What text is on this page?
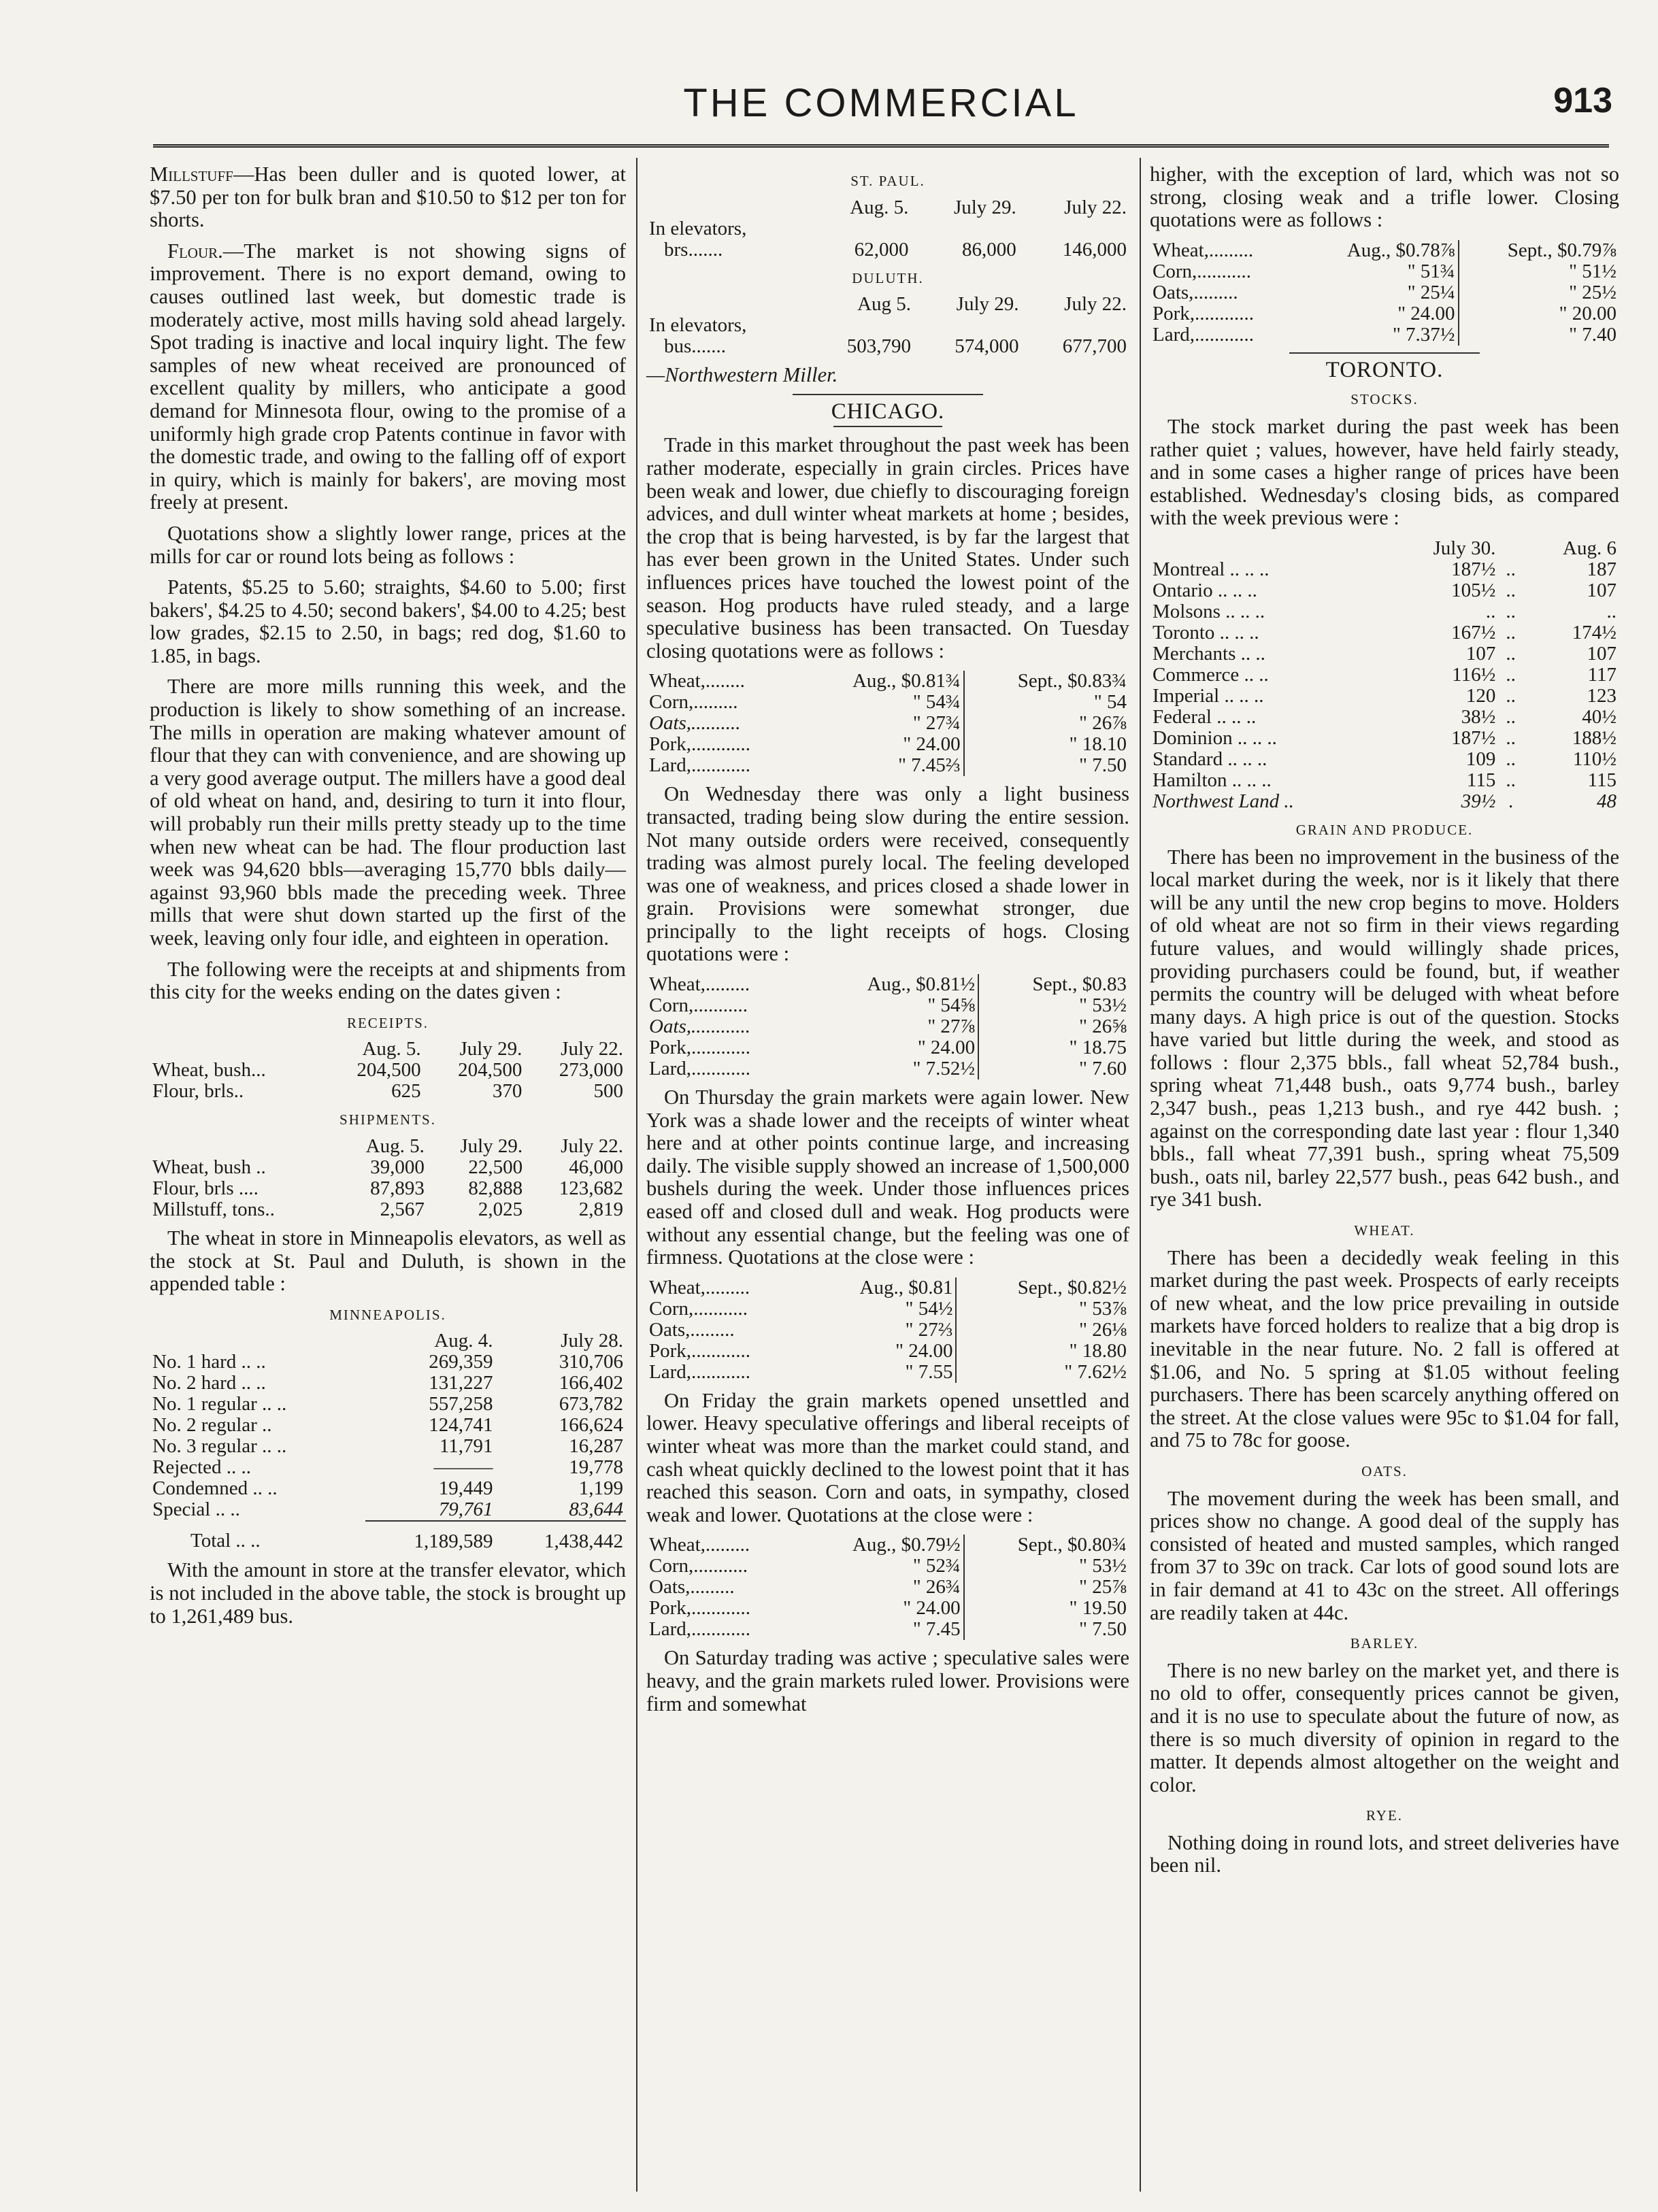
THE COMMERCIAL	913

Millstuff—Has been duller and is quoted lower, at $7.50 per ton for bulk bran and $10.50 to $12 per ton for shorts.

Flour.—The market is not showing signs of improvement. There is no export demand, owing to causes outlined last week, but domestic trade is moderately active, most mills having sold ahead largely. Spot trading is inactive and local inquiry light. The few samples of new wheat received are pronounced of excellent quality by millers, who anticipate a good demand for Minnesota flour, owing to the promise of a uniformly high grade crop Patents continue in favor with the domestic trade, and owing to the falling off of export in quiry, which is mainly for bakers', are moving most freely at present.

Quotations show a slightly lower range, prices at the mills for car or round lots being as follows :

Patents, $5.25 to 5.60; straights, $4.60 to 5.00; first bakers', $4.25 to 4.50; second bakers', $4.00 to 4.25; best low grades, $2.15 to 2.50, in bags; red dog, $1.60 to 1.85, in bags.

There are more mills running this week, and the production is likely to show something of an increase. The mills in operation are making whatever amount of flour that they can with convenience, and are showing up a very good average output. The millers have a good deal of old wheat on hand, and, desiring to turn it into flour, will probably run their mills pretty steady up to the time when new wheat can be had. The flour production last week was 94,620 bbls—averaging 15,770 bbls daily—against 93,960 bbls made the preceding week. Three mills that were shut down started up the first of the week, leaving only four idle, and eighteen in operation.

The following were the receipts at and shipments from this city for the weeks ending on the dates given :

RECEIPTS.
	Aug. 5.	July 29.	July 22.
Wheat, bush...	204,500	204,500	273,000
Flour, brls..	625	370	500
SHIPMENTS.
	Aug. 5.	July 29.	July 22.
Wheat, bush ..	39,000	22,500	46,000
Flour, brls ....	87,893	82,888	123,682
Millstuff, tons..	2,567	2,025	2,819

The wheat in store in Minneapolis elevators, as well as the stock at St. Paul and Duluth, is shown in the appended table :

MINNEAPOLIS.
	Aug. 4.	July 28.
No. 1 hard .. ..	269,359	310,706
No. 2 hard .. ..	131,227	166,402
No. 1 regular .. ..	557,258	673,782
No. 2 regular ..	124,741	166,624
No. 3 regular .. ..	11,791	16,287
Rejected .. ..	———	19,778
Condemned .. ..	19,449	1,199
Special .. ..	79,761	83,644
Total .. ..	1,189,589	1,438,442

With the amount in store at the transfer elevator, which is not included in the above table, the stock is brought up to 1,261,489 bus.

ST. PAUL.
	Aug. 5.	July 29.	July 22.
In elevators,			
brs.......	62,000	86,000	146,000
DULUTH.
	Aug 5.	July 29.	July 22.
In elevators,			
bus.......	503,790	574,000	677,700
—Northwestern Miller.
CHICAGO.

Trade in this market throughout the past week has been rather moderate, especially in grain circles. Prices have been weak and lower, due chiefly to discouraging foreign advices, and dull winter wheat markets at home ; besides, the crop that is being harvested, is by far the largest that has ever been grown in the United States. Under such influences prices have touched the lowest point of the season. Hog products have ruled steady, and a large speculative business has been transacted. On Tuesday closing quotations were as follows :

Wheat,........	Aug., $0.81¾	Sept., $0.83¾
Corn,.........	" 54¾	" 54
Oats,..........	" 27¾	" 26⅞
Pork,............	" 24.00	" 18.10
Lard,............	" 7.45⅔	" 7.50

On Wednesday there was only a light business transacted, trading being slow during the entire session. Not many outside orders were received, consequently trading was almost purely local. The feeling developed was one of weakness, and prices closed a shade lower in grain. Provisions were somewhat stronger, due principally to the light receipts of hogs. Closing quotations were :

Wheat,.........	Aug., $0.81½	Sept., $0.83
Corn,...........	" 54⅝	" 53½
Oats,............	" 27⅞	" 26⅝
Pork,............	" 24.00	" 18.75
Lard,............	" 7.52½	" 7.60

On Thursday the grain markets were again lower. New York was a shade lower and the receipts of winter wheat here and at other points continue large, and increasing daily. The visible supply showed an increase of 1,500,000 bushels during the week. Under those influences prices eased off and closed dull and weak. Hog products were without any essential change, but the feeling was one of firmness. Quotations at the close were :

Wheat,.........	Aug., $0.81	Sept., $0.82½
Corn,...........	" 54½	" 53⅞
Oats,.........	" 27⅔	" 26⅛
Pork,............	" 24.00	" 18.80
Lard,............	" 7.55	" 7.62½

On Friday the grain markets opened unsettled and lower. Heavy speculative offerings and liberal receipts of winter wheat was more than the market could stand, and cash wheat quickly declined to the lowest point that it has reached this season. Corn and oats, in sympathy, closed weak and lower. Quotations at the close were :

Wheat,.........	Aug., $0.79½	Sept., $0.80¾
Corn,...........	" 52¾	" 53½
Oats,.........	" 26¾	" 25⅞
Pork,............	" 24.00	" 19.50
Lard,............	" 7.45	" 7.50

On Saturday trading was active ; speculative sales were heavy, and the grain markets ruled lower. Provisions were firm and somewhat

higher, with the exception of lard, which was not so strong, closing weak and a trifle lower. Closing quotations were as follows :

Wheat,.........	Aug., $0.78⅞	Sept., $0.79⅞
Corn,...........	" 51¾	" 51½
Oats,.........	" 25¼	" 25½
Pork,............	" 24.00	" 20.00
Lard,............	" 7.37½	" 7.40
TORONTO.
STOCKS.

The stock market during the past week has been rather quiet ; values, however, have held fairly steady, and in some cases a higher range of prices have been established. Wednesday's closing bids, as compared with the week previous were :

	July 30.		Aug. 6
Montreal .. .. ..	187½	..	187
Ontario .. .. ..	105½	..	107
Molsons .. .. ..	..	..	..
Toronto .. .. ..	167½	..	174½
Merchants .. ..	107	..	107
Commerce .. ..	116½	..	117
Imperial .. .. ..	120	..	123
Federal .. .. ..	38½	..	40½
Dominion .. .. ..	187½	..	188½
Standard .. .. ..	109	..	110½
Hamilton .. .. ..	115	..	115
Northwest Land ..	39½	.	48
GRAIN AND PRODUCE.

There has been no improvement in the business of the local market during the week, nor is it likely that there will be any until the new crop begins to move. Holders of old wheat are not so firm in their views regarding future values, and would willingly shade prices, providing purchasers could be found, but, if weather permits the country will be deluged with wheat before many days. A high price is out of the question. Stocks have varied but little during the week, and stood as follows : flour 2,375 bbls., fall wheat 52,784 bush., spring wheat 71,448 bush., oats 9,774 bush., barley 2,347 bush., peas 1,213 bush., and rye 442 bush. ; against on the corresponding date last year : flour 1,340 bbls., fall wheat 77,391 bush., spring wheat 75,509 bush., oats nil, barley 22,577 bush., peas 642 bush., and rye 341 bush.

WHEAT.

There has been a decidedly weak feeling in this market during the past week. Prospects of early receipts of new wheat, and the low price prevailing in outside markets have forced holders to realize that a big drop is inevitable in the near future. No. 2 fall is offered at $1.06, and No. 5 spring at $1.05 without feeling purchasers. There has been scarcely anything offered on the street. At the close values were 95c to $1.04 for fall, and 75 to 78c for goose.

OATS.

The movement during the week has been small, and prices show no change. A good deal of the supply has consisted of heated and musted samples, which ranged from 37 to 39c on track. Car lots of good sound lots are in fair demand at 41 to 43c on the street. All offerings are readily taken at 44c.

BARLEY.

There is no new barley on the market yet, and there is no old to offer, consequently prices cannot be given, and it is no use to speculate about the future of now, as there is so much diversity of opinion in regard to the matter. It depends almost altogether on the weight and color.

RYE.

Nothing doing in round lots, and street deliveries have been nil.
